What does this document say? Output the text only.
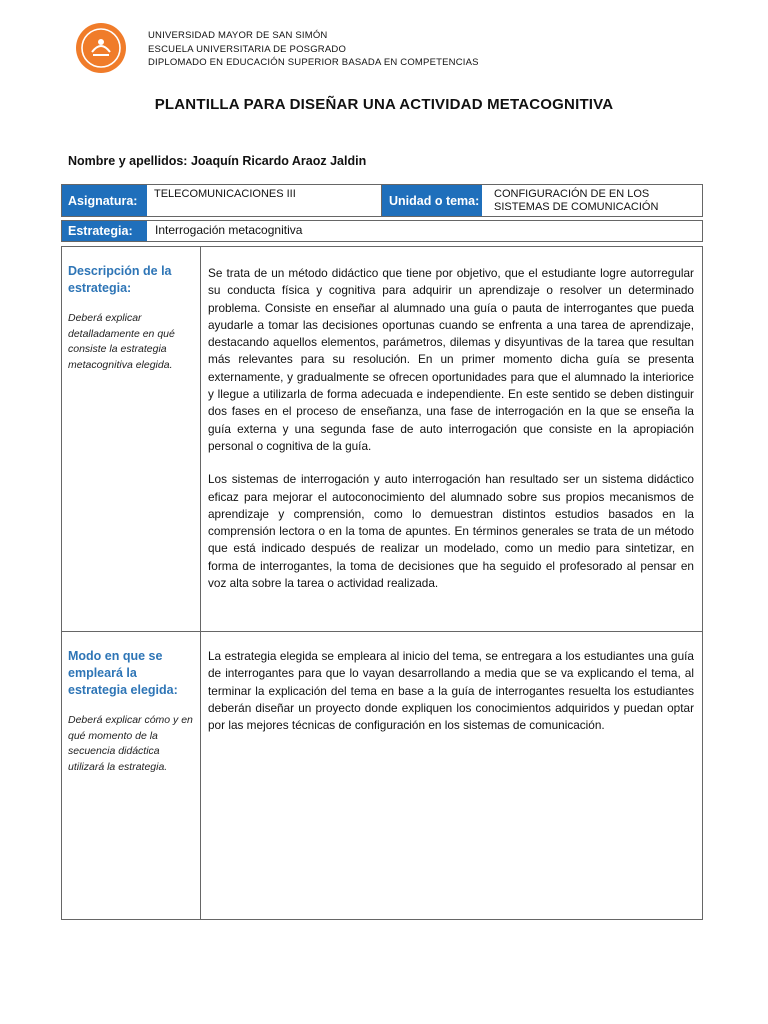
UNIVERSIDAD MAYOR DE SAN SIMÓN
ESCUELA UNIVERSITARIA DE POSGRADO
DIPLOMADO EN EDUCACIÓN SUPERIOR BASADA EN COMPETENCIAS
PLANTILLA PARA DISEÑAR UNA ACTIVIDAD METACOGNITIVA
Nombre y apellidos: Joaquín Ricardo Araoz Jaldin
Asignatura:	TELECOMUNICACIONES III	Unidad o tema: CONFIGURACIÓN DE EN LOS SISTEMAS DE COMUNICACIÓN
Estrategia:	Interrogación metacognitiva
Descripción de la estrategia:
Deberá explicar detalladamente en qué consiste la estrategia metacognitiva elegida.

Se trata de un método didáctico que tiene por objetivo, que el estudiante logre autorregular su conducta física y cognitiva para adquirir un aprendizaje o resolver un determinado problema. Consiste en enseñar al alumnado una guía o pauta de interrogantes que pueda ayudarle a tomar las decisiones oportunas cuando se enfrenta a una tarea de aprendizaje, destacando aquellos elementos, parámetros, dilemas y disyuntivas de la tarea que resultan más relevantes para su resolución. En un primer momento dicha guía se presenta externamente, y gradualmente se ofrecen oportunidades para que el alumnado la interiorice y llegue a utilizarla de forma adecuada e independiente. En este sentido se deben distinguir dos fases en el proceso de enseñanza, una fase de interrogación en la que se enseña la guía externa y una segunda fase de auto interrogación que consiste en la apropiación personal o cognitiva de la guía.

Los sistemas de interrogación y auto interrogación han resultado ser un sistema didáctico eficaz para mejorar el autoconocimiento del alumnado sobre sus propios mecanismos de aprendizaje y comprensión, como lo demuestran distintos estudios basados en la comprensión lectora o en la toma de apuntes. En términos generales se trata de un método que está indicado después de realizar un modelado, como un medio para sintetizar, en forma de interrogantes, la toma de decisiones que ha seguido el profesorado al pensar en voz alta sobre la tarea o actividad realizada.

Modo en que se empleará la estrategia elegida:
Deberá explicar cómo y en qué momento de la secuencia didáctica utilizará la estrategia.

La estrategia elegida se empleara al inicio del tema, se entregara a los estudiantes una guía de interrogantes para que lo vayan desarrollando a media que se va explicando el tema, al terminar la explicación del tema en base a la guía de interrogantes resuelta los estudiantes deberán diseñar un proyecto donde expliquen los conocimientos adquiridos y puedan optar por las mejores técnicas de configuración en los sistemas de comunicación.
